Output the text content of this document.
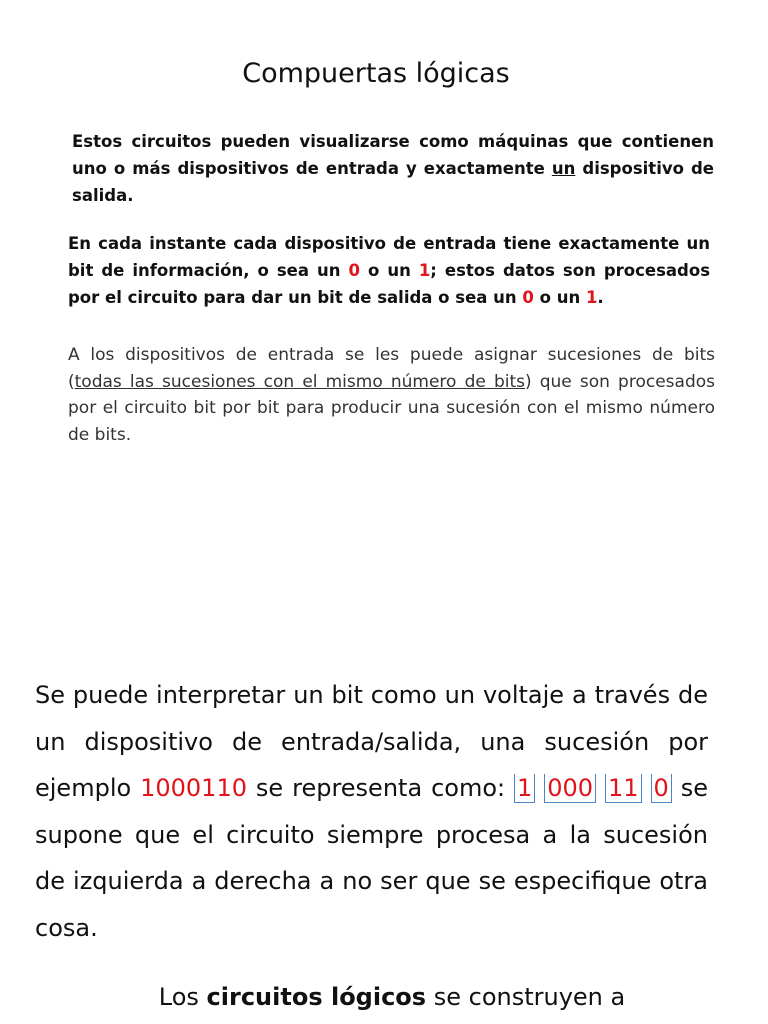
Compuertas lógicas

Estos circuitos pueden visualizarse como máquinas que contienen uno o más dispositivos de entrada y exactamente un dispositivo de salida.

En cada instante cada dispositivo de entrada tiene exactamente un bit de información, o sea un 0 o un 1; estos datos son procesados por el circuito para dar un bit de salida o sea un 0 o un 1.

A los dispositivos de entrada se les puede asignar sucesiones de bits (todas las sucesiones con el mismo número de bits) que son procesados por el circuito bit por bit para producir una sucesión con el mismo número de bits.

Se puede interpretar un bit como un voltaje a través de un dispositivo de entrada/salida, una sucesión por ejemplo 1000110 se representa como: 1 000 11 0 se supone que el circuito siempre procesa a la sucesión de izquierda a derecha a no ser que se especifique otra cosa.

Los circuitos lógicos se construyen a
